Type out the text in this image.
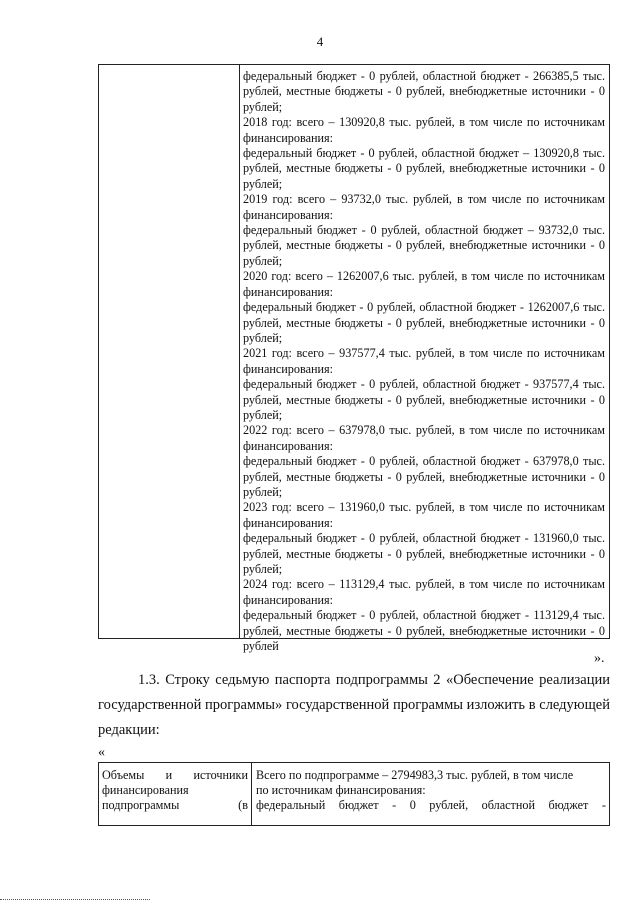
4

федеральный бюджет - 0 рублей, областной бюджет - 266385,5 тыс. рублей, местные бюджеты - 0 рублей, внебюджетные источники - 0 рублей;

2018 год: всего – 130920,8 тыс. рублей, в том числе по источникам финансирования:

федеральный бюджет - 0 рублей, областной бюджет – 130920,8 тыс. рублей, местные бюджеты - 0 рублей, внебюджетные источники - 0 рублей;

2019 год: всего – 93732,0 тыс. рублей, в том числе по источникам финансирования:

федеральный бюджет - 0 рублей, областной бюджет – 93732,0 тыс. рублей, местные бюджеты - 0 рублей, внебюджетные источники - 0 рублей;

2020 год: всего – 1262007,6 тыс. рублей, в том числе по источникам финансирования:

федеральный бюджет - 0 рублей, областной бюджет - 1262007,6 тыс. рублей, местные бюджеты - 0 рублей, внебюджетные источники - 0 рублей;

2021 год: всего – 937577,4 тыс. рублей, в том числе по источникам финансирования:

федеральный бюджет - 0 рублей, областной бюджет - 937577,4 тыс. рублей, местные бюджеты - 0 рублей, внебюджетные источники - 0 рублей;

2022 год: всего – 637978,0 тыс. рублей, в том числе по источникам финансирования:

федеральный бюджет - 0 рублей, областной бюджет - 637978,0 тыс. рублей, местные бюджеты - 0 рублей, внебюджетные источники - 0 рублей;

2023 год: всего – 131960,0 тыс. рублей, в том числе по источникам финансирования:

федеральный бюджет - 0 рублей, областной бюджет - 131960,0 тыс. рублей, местные бюджеты - 0 рублей, внебюджетные источники - 0 рублей;

2024 год: всего – 113129,4 тыс. рублей, в том числе по источникам финансирования:

федеральный бюджет - 0 рублей, областной бюджет - 113129,4 тыс. рублей, местные бюджеты - 0 рублей, внебюджетные источники - 0 рублей

».
1.3. Строку седьмую паспорта подпрограммы 2 «Обеспечение реализации государственной программы» государственной программы изложить в следующей редакции:
«
Объемы и источники
финансирования
подпрограммы	(в
Всего по подпрограмме – 2794983,3 тыс. рублей, в том числе
по источникам финансирования:
федеральный бюджет - 0 рублей, областной бюджет -
